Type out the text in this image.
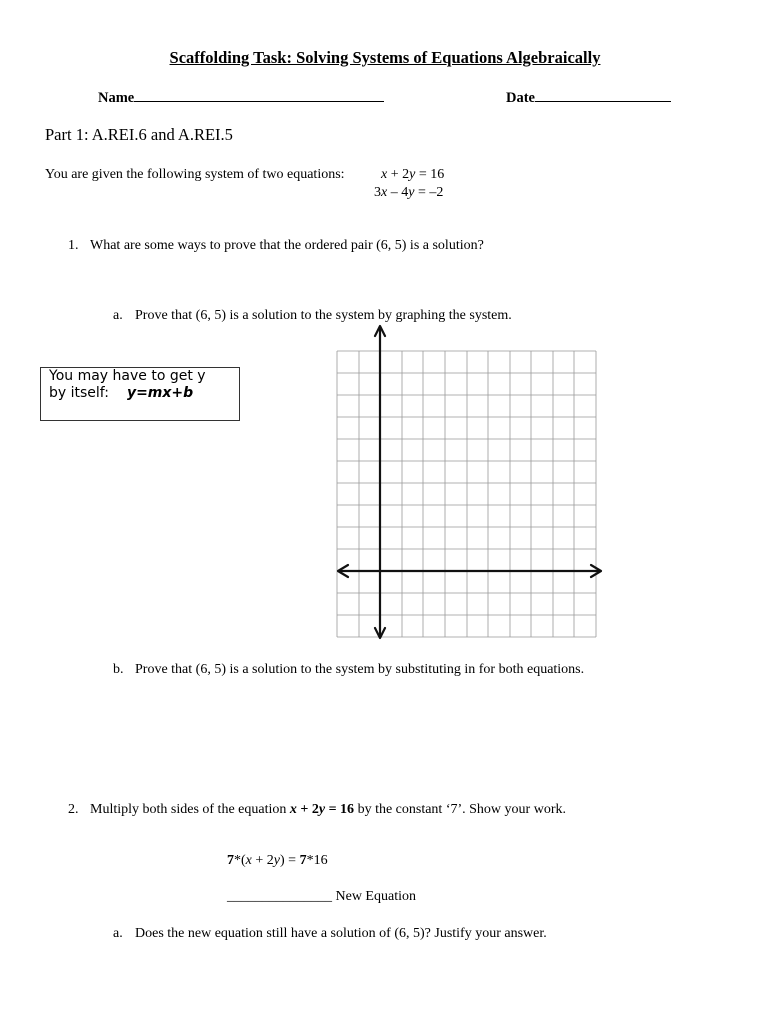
Scaffolding Task: Solving Systems of Equations Algebraically
Name	Date
Part 1: A.REI.6 and A.REI.5
You are given the following system of two equations:	x + 2y = 16
3x – 4y = –2
1. What are some ways to prove that the ordered pair (6, 5) is a solution?
a. Prove that (6, 5) is a solution to the system by graphing the system.
You may have to get y
by itself: y=mx+b
b. Prove that (6, 5) is a solution to the system by substituting in for both equations.
2. Multiply both sides of the equation x + 2y = 16 by the constant ‘7’. Show your work.
7*(x + 2y) = 7*16
_______________ New Equation
a. Does the new equation still have a solution of (6, 5)? Justify your answer.
